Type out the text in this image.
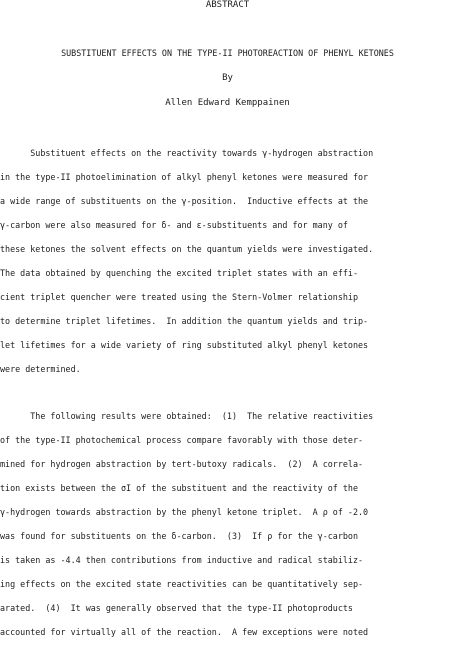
ABSTRACT
SUBSTITUENT EFFECTS ON THE TYPE-II PHOTOREACTION OF PHENYL KETONES
By
Allen Edward Kemppainen
Substituent effects on the reactivity towards γ-hydrogen abstraction
in the type-II photoelimination of alkyl phenyl ketones were measured for
a wide range of substituents on the γ-position.  Inductive effects at the
γ-carbon were also measured for δ- and ε-substituents and for many of
these ketones the solvent effects on the quantum yields were investigated.
The data obtained by quenching the excited triplet states with an effi-
cient triplet quencher were treated using the Stern-Volmer relationship
to determine triplet lifetimes.  In addition the quantum yields and trip-
let lifetimes for a wide variety of ring substituted alkyl phenyl ketones
were determined.
The following results were obtained:  (1)  The relative reactivities
of the type-II photochemical process compare favorably with those deter-
mined for hydrogen abstraction by tert-butoxy radicals.  (2)  A correla-
tion exists between the σI of the substituent and the reactivity of the
γ-hydrogen towards abstraction by the phenyl ketone triplet.  A ρ of -2.0
was found for substituents on the δ-carbon.  (3)  If ρ for the γ-carbon
is taken as -4.4 then contributions from inductive and radical stabiliz-
ing effects on the excited state reactivities can be quantitatively sep-
arated.  (4)  It was generally observed that the type-II photoproducts
accounted for virtually all of the reaction.  A few exceptions were noted
